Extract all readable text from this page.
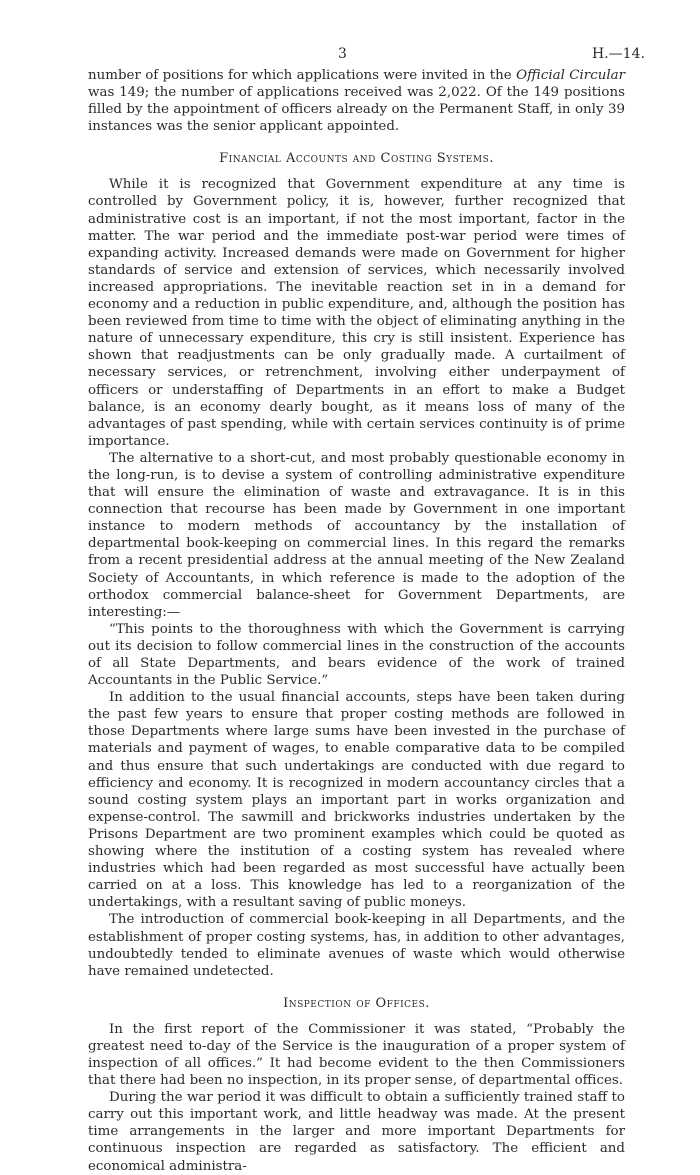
3	H.—14.

number of positions for which applications were invited in the Official Circular was 149; the number of applications received was 2,022. Of the 149 positions filled by the appointment of officers already on the Permanent Staff, in only 39 instances was the senior applicant appointed.

Financial Accounts and Costing Systems.

While it is recognized that Government expenditure at any time is controlled by Government policy, it is, however, further recognized that administrative cost is an important, if not the most important, factor in the matter. The war period and the immediate post-war period were times of expanding activity. Increased demands were made on Government for higher standards of service and extension of services, which necessarily involved increased appropriations. The inevitable reaction set in in a demand for economy and a reduction in public expenditure, and, although the position has been reviewed from time to time with the object of eliminating anything in the nature of unnecessary expenditure, this cry is still insistent. Experience has shown that readjustments can be only gradually made. A curtailment of necessary services, or retrenchment, involving either underpayment of officers or understaffing of Departments in an effort to make a Budget balance, is an economy dearly bought, as it means loss of many of the advantages of past spending, while with certain services continuity is of prime importance.

The alternative to a short-cut, and most probably questionable economy in the long-run, is to devise a system of controlling administrative expenditure that will ensure the elimination of waste and extravagance. It is in this connection that recourse has been made by Government in one important instance to modern methods of accountancy by the installation of departmental book-keeping on commercial lines. In this regard the remarks from a recent presidential address at the annual meeting of the New Zealand Society of Accountants, in which reference is made to the adoption of the orthodox commercial balance-sheet for Government Departments, are interesting:—

“This points to the thoroughness with which the Government is carrying out its decision to follow commercial lines in the construction of the accounts of all State Departments, and bears evidence of the work of trained Accountants in the Public Service.”

In addition to the usual financial accounts, steps have been taken during the past few years to ensure that proper costing methods are followed in those Departments where large sums have been invested in the purchase of materials and payment of wages, to enable comparative data to be compiled and thus ensure that such undertakings are conducted with due regard to efficiency and economy. It is recognized in modern accountancy circles that a sound costing system plays an important part in works organization and expense-control. The sawmill and brickworks industries undertaken by the Prisons Department are two prominent examples which could be quoted as showing where the institution of a costing system has revealed where industries which had been regarded as most successful have actually been carried on at a loss. This knowledge has led to a reorganization of the undertakings, with a resultant saving of public moneys.

The introduction of commercial book-keeping in all Departments, and the establishment of proper costing systems, has, in addition to other advantages, undoubtedly tended to eliminate avenues of waste which would otherwise have remained undetected.

Inspection of Offices.

In the first report of the Commissioner it was stated, “Probably the greatest need to-day of the Service is the inauguration of a proper system of inspection of all offices.” It had become evident to the then Commissioners that there had been no inspection, in its proper sense, of departmental offices.

During the war period it was difficult to obtain a sufficiently trained staff to carry out this important work, and little headway was made. At the present time arrangements in the larger and more important Departments for continuous inspection are regarded as satisfactory. The efficient and economical administra-
